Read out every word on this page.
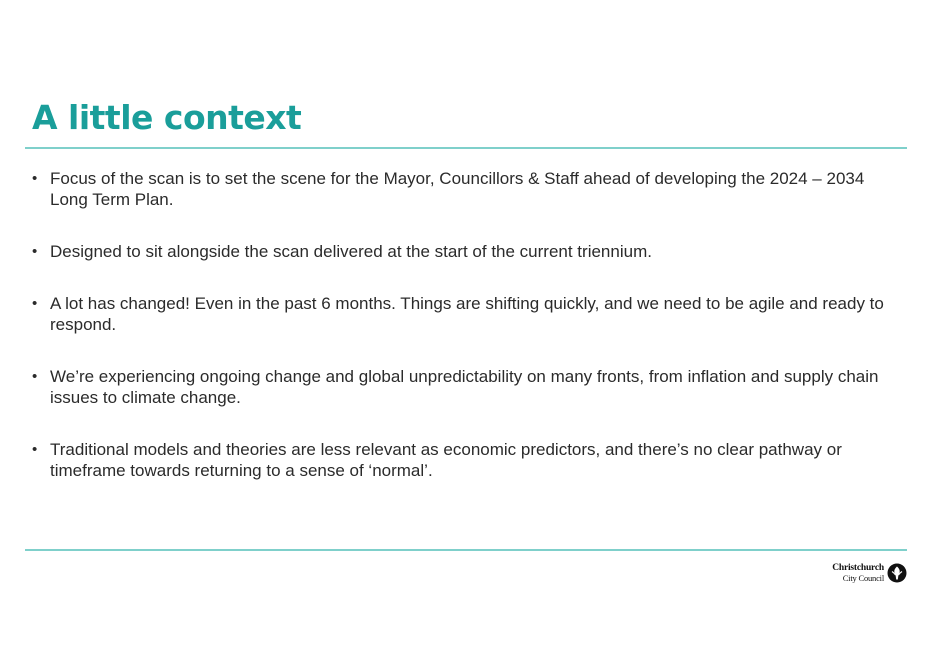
A little context
• Focus of the scan is to set the scene for the Mayor, Councillors & Staff ahead of developing the 2024 – 2034 Long Term Plan.
• Designed to sit alongside the scan delivered at the start of the current triennium.
• A lot has changed! Even in the past 6 months. Things are shifting quickly, and we need to be agile and ready to respond.
• We’re experiencing ongoing change and global unpredictability on many fronts, from inflation and supply chain issues to climate change.
• Traditional models and theories are less relevant as economic predictors, and there’s no clear pathway or timeframe towards returning to a sense of ‘normal’.
Christchurch
City Council
